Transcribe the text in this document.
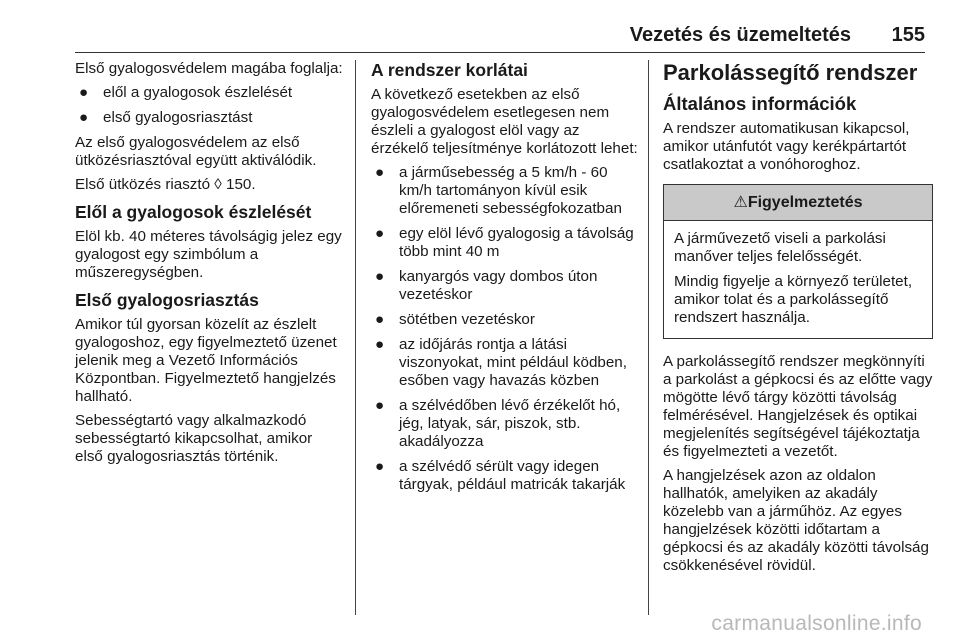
Vezetés és üzemeltetés 155

Első gyalogosvédelem magába foglalja:

● elől a gyalogosok észlelését
● első gyalogosriasztást

Az első gyalogosvédelem az első ütközésriasztóval együtt aktiválódik.

Első ütközés riasztó ◊ 150.

Elől a gyalogosok észlelését

Elöl kb. 40 méteres távolságig jelez egy gyalogost egy szimbólum a műszeregységben.

Első gyalogosriasztás

Amikor túl gyorsan közelít az észlelt gyalogoshoz, egy figyelmeztető üzenet jelenik meg a Vezető Információs Központban. Figyelmeztető hangjelzés hallható.

Sebességtartó vagy alkalmazkodó sebességtartó kikapcsolhat, amikor első gyalogosriasztás történik.

A rendszer korlátai

A következő esetekben az első gyalogosvédelem esetlegesen nem észleli a gyalogost elöl vagy az érzékelő teljesítménye korlátozott lehet:

● a járműsebesség a 5 km/h - 60 km/h tartományon kívül esik előremeneti sebességfokozatban
● egy elöl lévő gyalogosig a távolság több mint 40 m
● kanyargós vagy dombos úton vezetéskor
● sötétben vezetéskor
● az időjárás rontja a látási viszonyokat, mint például ködben, esőben vagy havazás közben
● a szélvédőben lévő érzékelőt hó, jég, latyak, sár, piszok, stb. akadályozza
● a szélvédő sérült vagy idegen tárgyak, például matricák takarják
Parkolássegítő rendszer
Általános információk

A rendszer automatikusan kikapcsol, amikor utánfutót vagy kerékpártartót csatlakoztat a vonóhoroghoz.

⚠Figyelmeztetés

A járművezető viseli a parkolási manőver teljes felelősségét.

Mindig figyelje a környező területet, amikor tolat és a parkolássegítő rendszert használja.

A parkolássegítő rendszer megkönnyíti a parkolást a gépkocsi és az előtte vagy mögötte lévő tárgy közötti távolság felmérésével. Hangjelzések és optikai megjelenítés segítségével tájékoztatja és figyelmezteti a vezetőt.

A hangjelzések azon az oldalon hallhatók, amelyiken az akadály közelebb van a járműhöz. Az egyes hangjelzések közötti időtartam a gépkocsi és az akadály közötti távolság csökkenésével rövidül.

carmanualsonline.info
